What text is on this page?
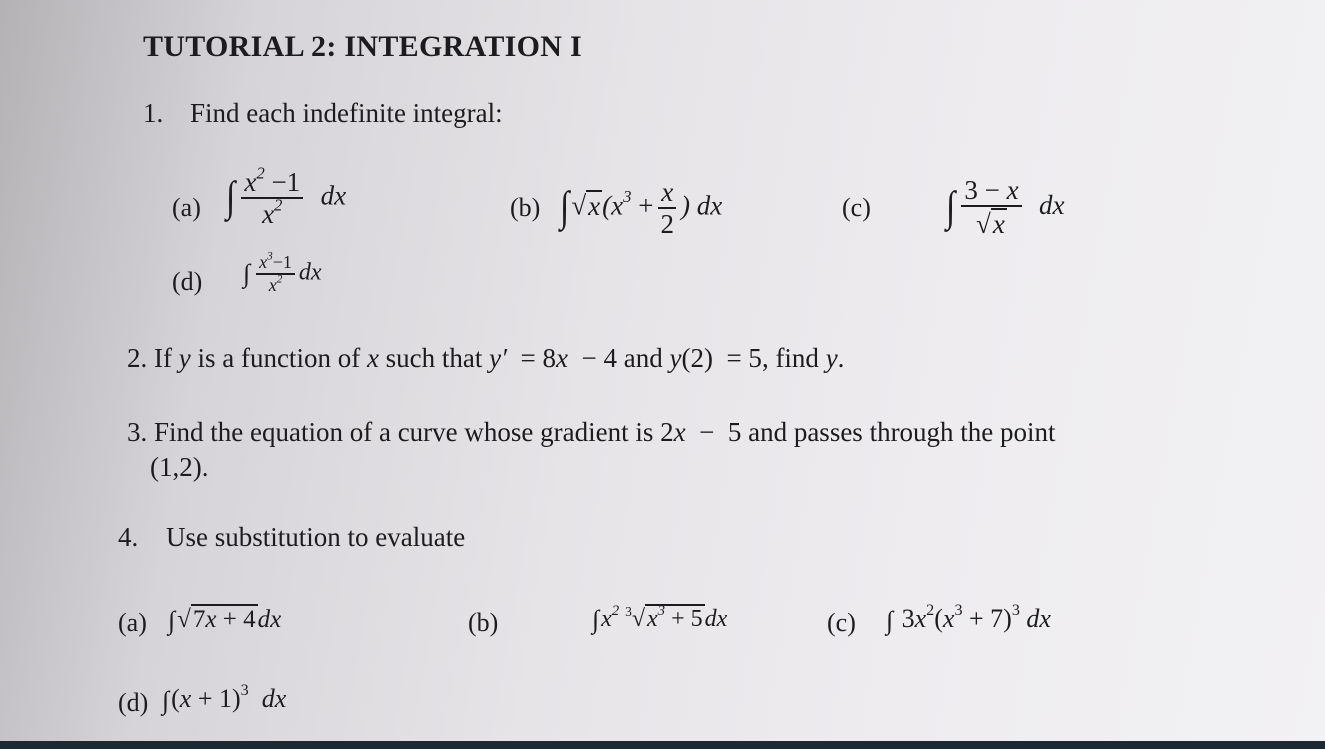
TUTORIAL 2: INTEGRATION I
1. Find each indefinite integral:
(a) ∫ $\frac{x^2 -1}{x^2}$ dx	(b) $\int√x(x^3 + \frac{x}{2}$ ) dx	(c) ∫ $\frac{3 - x}{√x}$ dx
(d) ∫ $\frac{x^3-1}{x^2}$ dx
2. If y is a function of x such that y′  = 8x  − 4 and y(2)  = 5, find y.
3. Find the equation of a curve whose gradient is 2x  −  5 and passes through the point
(1,2).
4. Use substitution to evaluate
(a) ∫√7x + 4dx	(b)	$\int x^2$ $^3√x^3 + 5dx$	(c) ∫ $3x^2(x^3 + 7)^3$ dx
(d) $\int(x + 1)^3$  dx
